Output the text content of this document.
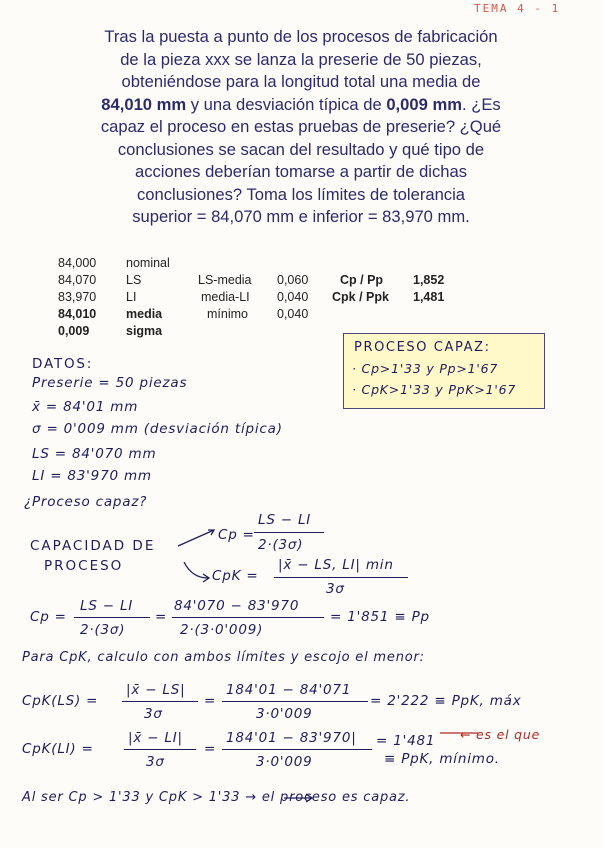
TEMA 4 - 1
Tras la puesta a punto de los procesos de fabricación
de la pieza xxx se lanza la preserie de 50 piezas,
obteniéndose para la longitud total una media de
84,010 mm y una desviación típica de 0,009 mm. ¿Es
capaz el proceso en estas pruebas de preserie? ¿Qué
conclusiones se sacan del resultado y qué tipo de
acciones deberían tomarse a partir de dichas
conclusiones? Toma los límites de tolerancia
superior = 84,070 mm e inferior = 83,970 mm.
84,000 nominal
84,070 LS	LS-media 0,060	Cp / Pp 1,852
83,970 LI	media-LI 0,040 Cpk / Ppk 1,481
84,010 media	mínimo 0,040
0,009	sigma
PROCESO CAPAZ:
· Cp>1'33 y Pp>1'67
· CpK>1'33 y PpK>1'67
DATOS:
Preserie = 50 piezas
x̄ = 84'01 mm
σ = 0'009 mm (desviación típica)
LS = 84'070 mm
LI = 83'970 mm
¿Proceso capaz?
CAPACIDAD DE
PROCESO
Cp =
LS − LI
2·(3σ)
CpK =
|x̄ − LS, LI| min
3σ
Cp =
LS − LI
2·(3σ)
=
84'070 − 83'970
2·(3·0'009)
= 1'851 ≡ Pp
Para CpK, calculo con ambos límites y escojo el menor:
CpK(LS) =
|x̄ − LS|
3σ
=
184'01 − 84'071
3·0'009
= 2'222 ≡ PpK, máx
CpK(LI) =
|x̄ − LI|
3σ
=
184'01 − 83'970|
3·0'009
= 1'481 ← es el que
≡ PpK, mínimo.
Al ser Cp > 1'33 y CpK > 1'33 → el proceso es capaz.
